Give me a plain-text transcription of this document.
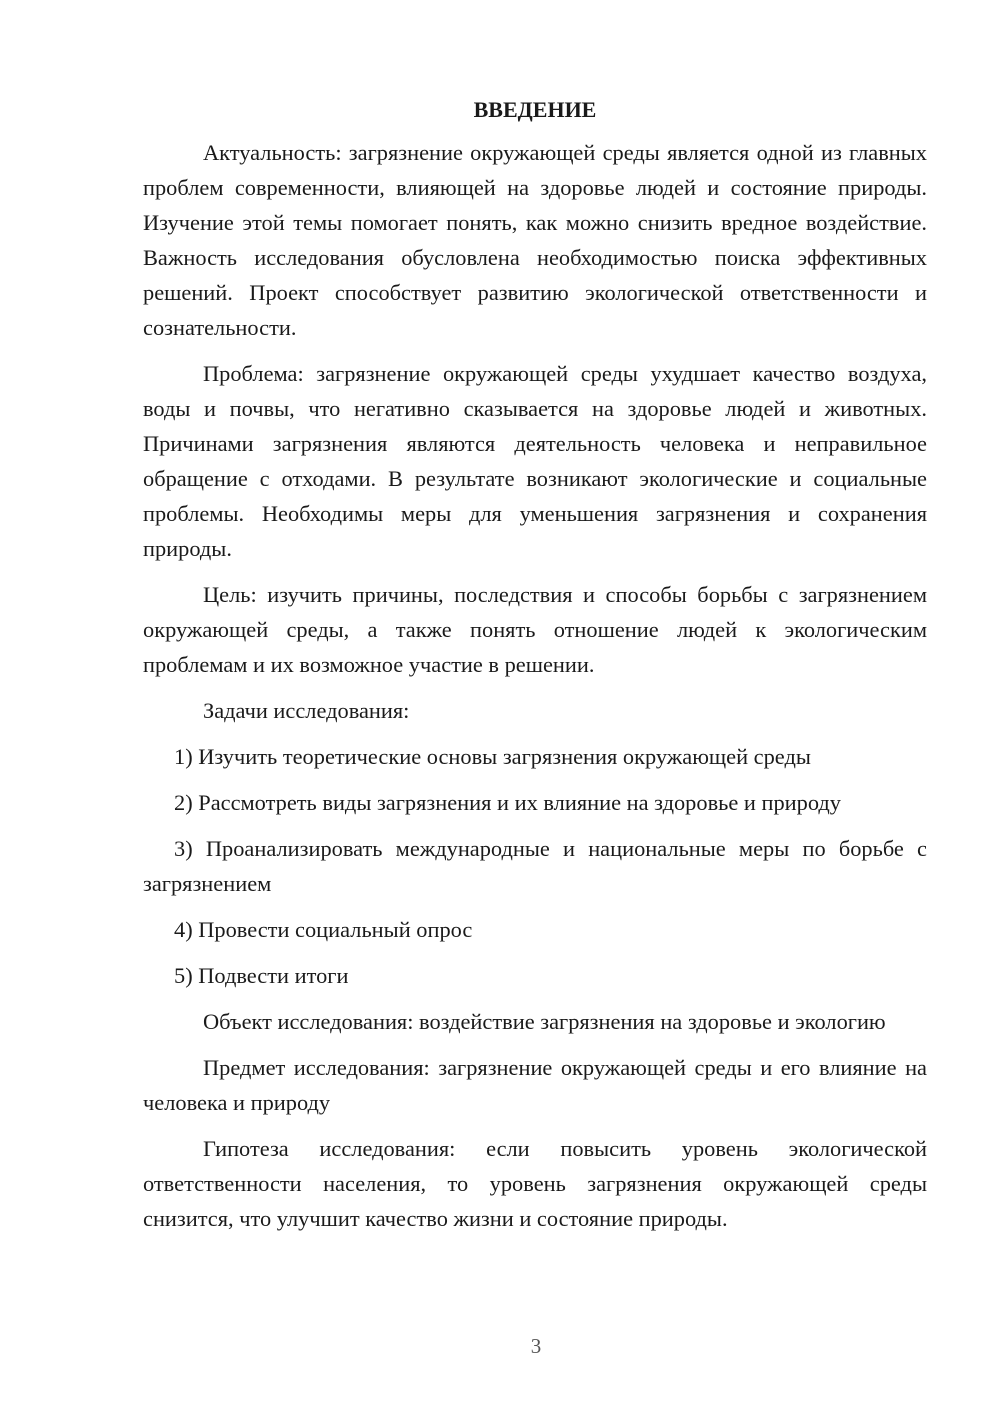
ВВЕДЕНИЕ

Актуальность: загрязнение окружающей среды является одной из главных проблем современности, влияющей на здоровье людей и состояние природы. Изучение этой темы помогает понять, как можно снизить вредное воздействие. Важность исследования обусловлена необходимостью поиска эффективных решений. Проект способствует развитию экологической ответственности и сознательности.

Проблема: загрязнение окружающей среды ухудшает качество воздуха, воды и почвы, что негативно сказывается на здоровье людей и животных. Причинами загрязнения являются деятельность человека и неправильное обращение с отходами. В результате возникают экологические и социальные проблемы. Необходимы меры для уменьшения загрязнения и сохранения природы.

Цель: изучить причины, последствия и способы борьбы с загрязнением окружающей среды, а также понять отношение людей к экологическим проблемам и их возможное участие в решении.

Задачи исследования:

1) Изучить теоретические основы загрязнения окружающей среды

2) Рассмотреть виды загрязнения и их влияние на здоровье и природу

3) Проанализировать международные и национальные меры по борьбе с загрязнением

4) Провести социальный опрос

5) Подвести итоги

Объект исследования: воздействие загрязнения на здоровье и экологию

Предмет исследования: загрязнение окружающей среды и его влияние на человека и природу

Гипотеза исследования: если повысить уровень экологической ответственности населения, то уровень загрязнения окружающей среды снизится, что улучшит качество жизни и состояние природы.

3
